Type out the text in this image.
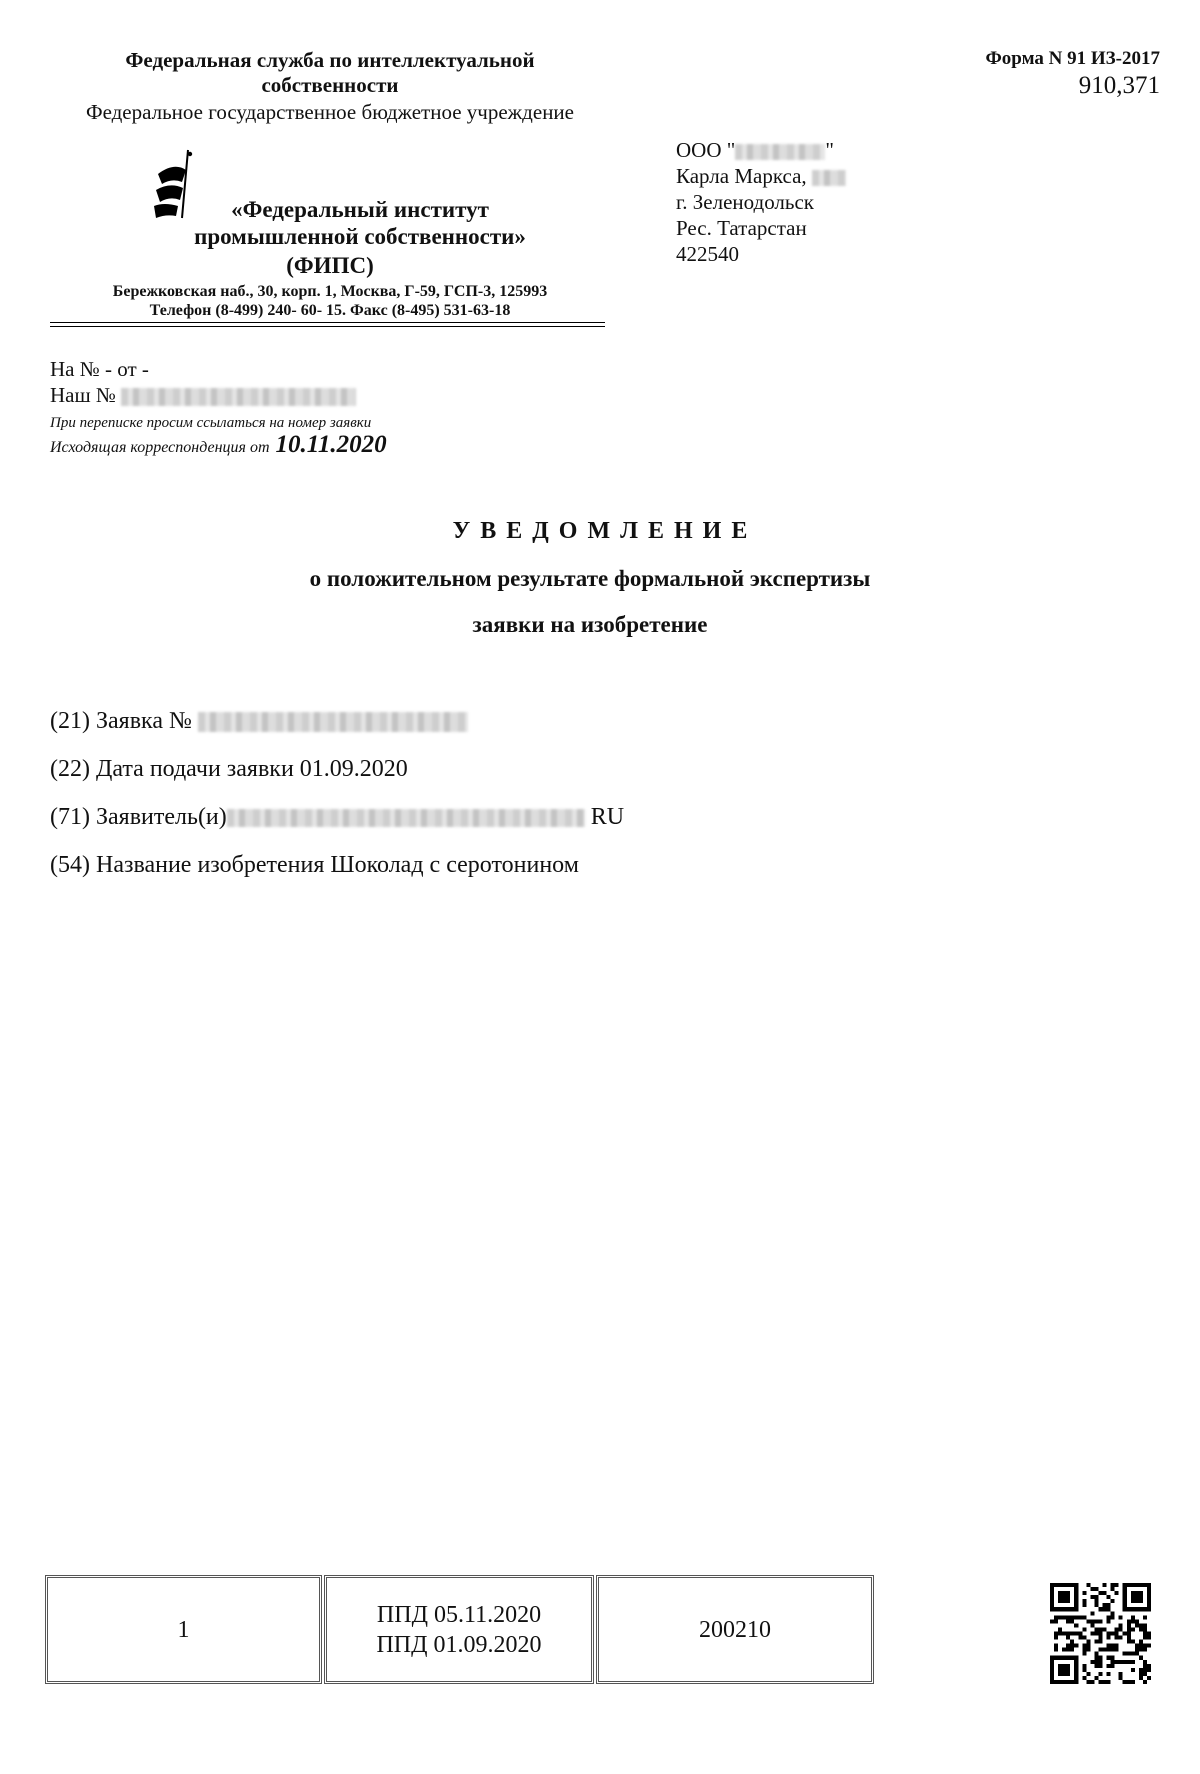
Федеральная служба по интеллектуальной собственности
Федеральное государственное бюджетное учреждение
«Федеральный институт промышленной собственности»
(ФИПС)
Бережковская наб., 30, корп. 1, Москва, Г-59, ГСП-3, 125993
Телефон (8-499) 240- 60- 15. Факс (8-495) 531-63-18
Форма N 91 ИЗ-2017
910,371
ООО "	"
Карла Маркса,
г. Зеленодольск
Рес. Татарстан
422540
На № - от -
Наш №
При переписке просим ссылаться на номер заявки
Исходящая корреспонденция от 10.11.2020
УВЕДОМЛЕНИЕ
о положительном результате формальной экспертизы
заявки на изобретение
(21) Заявка №
(22) Дата подачи заявки 01.09.2020
(71) Заявитель(и)	RU
(54) Название изобретения Шоколад с серотонином
1
ППД 05.11.2020
ППД 01.09.2020
200210
